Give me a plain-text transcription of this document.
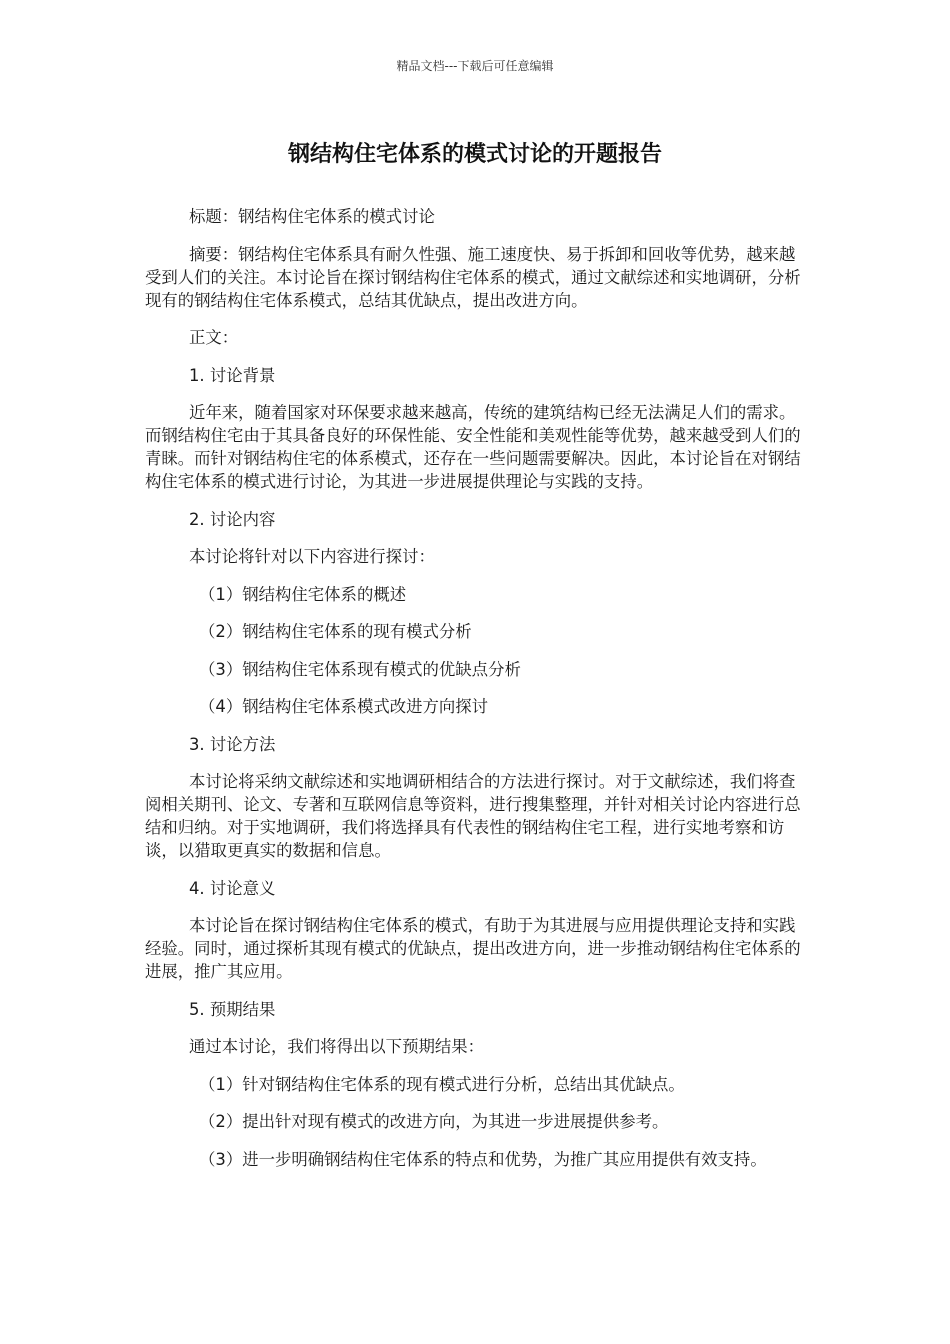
精品文档---下载后可任意编辑
钢结构住宅体系的模式讨论的开题报告

标题：钢结构住宅体系的模式讨论

摘要：钢结构住宅体系具有耐久性强、施工速度快、易于拆卸和回收等优势，越来越受到人们的关注。本讨论旨在探讨钢结构住宅体系的模式，通过文献综述和实地调研，分析现有的钢结构住宅体系模式，总结其优缺点，提出改进方向。

正文：

1. 讨论背景

近年来，随着国家对环保要求越来越高，传统的建筑结构已经无法满足人们的需求。而钢结构住宅由于其具备良好的环保性能、安全性能和美观性能等优势，越来越受到人们的青睐。而针对钢结构住宅的体系模式，还存在一些问题需要解决。因此，本讨论旨在对钢结构住宅体系的模式进行讨论，为其进一步进展提供理论与实践的支持。

2. 讨论内容

本讨论将针对以下内容进行探讨：

（1）钢结构住宅体系的概述

（2）钢结构住宅体系的现有模式分析

（3）钢结构住宅体系现有模式的优缺点分析

（4）钢结构住宅体系模式改进方向探讨

3. 讨论方法

本讨论将采纳文献综述和实地调研相结合的方法进行探讨。对于文献综述，我们将查阅相关期刊、论文、专著和互联网信息等资料，进行搜集整理，并针对相关讨论内容进行总结和归纳。对于实地调研，我们将选择具有代表性的钢结构住宅工程，进行实地考察和访谈，以猎取更真实的数据和信息。

4. 讨论意义

本讨论旨在探讨钢结构住宅体系的模式，有助于为其进展与应用提供理论支持和实践经验。同时，通过探析其现有模式的优缺点，提出改进方向，进一步推动钢结构住宅体系的进展，推广其应用。

5. 预期结果

通过本讨论，我们将得出以下预期结果：

（1）针对钢结构住宅体系的现有模式进行分析，总结出其优缺点。

（2）提出针对现有模式的改进方向，为其进一步进展提供参考。

（3）进一步明确钢结构住宅体系的特点和优势，为推广其应用提供有效支持。
